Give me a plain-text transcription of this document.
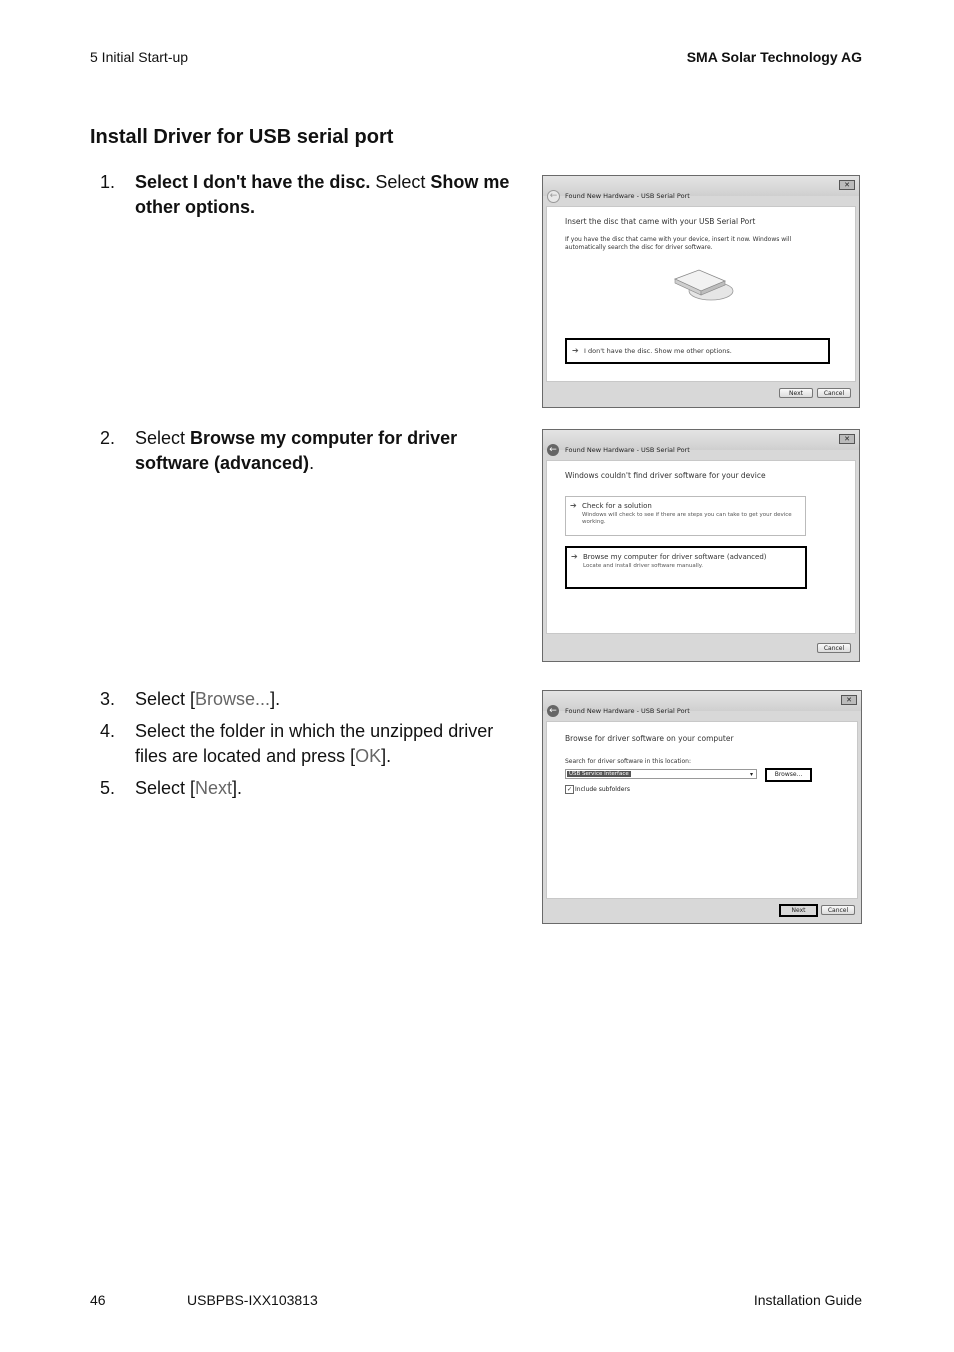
5 Initial Start-up	SMA Solar Technology AG
Install Driver for USB serial port
1. Select I don't have the disc. Select Show me other options.
2. Select Browse my computer for driver software (advanced).
3. Select [Browse...].
4. Select the folder in which the unzipped driver files are located and press [OK].
5. Select [Next].
✕
←	Found New Hardware - USB Serial Port
Insert the disc that came with your USB Serial Port
If you have the disc that came with your device, insert it now. Windows will automatically search the disc for driver software.
➔ I don't have the disc. Show me other options.
Next	Cancel
✕
←	Found New Hardware - USB Serial Port
Windows couldn't find driver software for your device
➔ Check for a solution
Windows will check to see if there are steps you can take to get your device working.
➔ Browse my computer for driver software (advanced)
Locate and install driver software manually.
Cancel
✕
←	Found New Hardware - USB Serial Port
Browse for driver software on your computer
Search for driver software in this location:
USB Service Interface	▾	Browse...
✓ Include subfolders
Next	Cancel
46	USBPBS-IXX103813	Installation Guide
